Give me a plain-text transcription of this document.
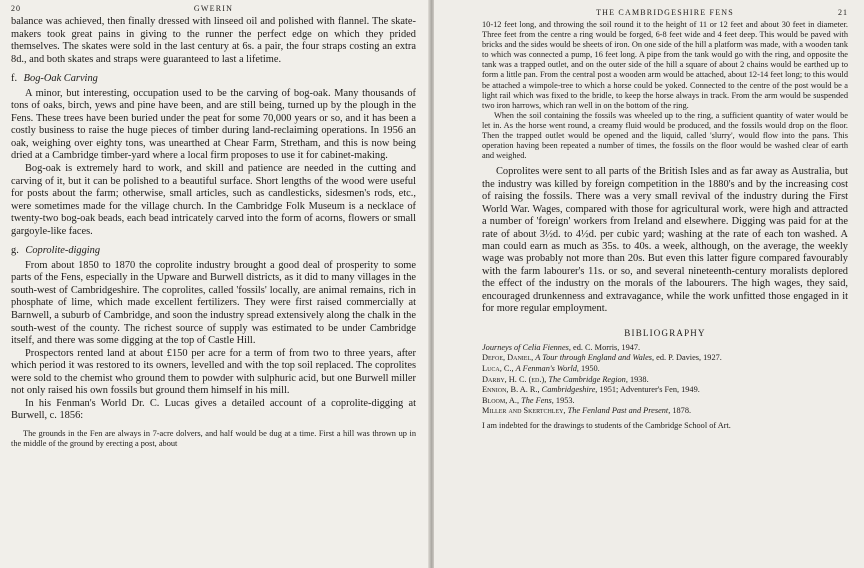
20	GWERIN

balance was achieved, then finally dressed with linseed oil and polished with flannel. The skate-makers took great pains in giving to the runner the perfect edge on which they prided themselves. The skates were sold in the last century at 6s. a pair, the four straps costing an extra 8d., and both skates and straps were guaranteed to last a lifetime.

f. Bog-Oak Carving

A minor, but interesting, occupation used to be the carving of bog-oak. Many thousands of tons of oaks, birch, yews and pine have been, and are still being, turned up by the plough in the Fens. These trees have been buried under the peat for some 70,000 years or so, and it has been a costly business to raise the huge pieces of timber during land-reclaiming operations. In 1956 an oak, weighing over eighty tons, was unearthed at Chear Farm, Stretham, and this is now being dried at a Cambridge timber-yard where a local firm proposes to use it for cabinet-making.

Bog-oak is extremely hard to work, and skill and patience are needed in the cutting and carving of it, but it can be polished to a beautiful surface. Short lengths of the wood were useful for posts about the farm; otherwise, small articles, such as candlesticks, sidesmen's rods, etc., were sometimes made for the village church. In the Cambridge Folk Museum is a necklace of twenty-two bog-oak beads, each bead intricately carved into the form of acorns, flowers or small gargoyle-like faces.

g. Coprolite-digging

From about 1850 to 1870 the coprolite industry brought a good deal of prosperity to some parts of the Fens, especially in the Upware and Burwell districts, as it did to many villages in the south-west of Cambridgeshire. The coprolites, called 'fossils' locally, are animal remains, rich in phosphate of lime, which made excellent fertilizers. They were first raised commercially at Barnwell, a suburb of Cambridge, and soon the industry spread extensively along the chalk in the south-west of the county. The richest source of supply was estimated to be under Cambridge itself, and there was some digging at the top of Castle Hill.

Prospectors rented land at about £150 per acre for a term of from two to three years, after which period it was restored to its owners, levelled and with the top soil replaced. The coprolites were sold to the chemist who ground them to powder with sulphuric acid, but one Burwell miller not only raised his own fossils but ground them himself in his mill.

In his Fenman's World Dr. C. Lucas gives a detailed account of a coprolite-digging at Burwell, c. 1856:

The grounds in the Fen are always in 7-acre dolvers, and half would be dug at a time. First a hill was thrown up in the middle of the ground by erecting a post, about

THE CAMBRIDGESHIRE FENS	21

10-12 feet long, and throwing the soil round it to the height of 11 or 12 feet and about 30 feet in diameter. Three feet from the centre a ring would be forged, 6-8 feet wide and 4 feet deep. This would be paved with bricks and the sides would be sheets of iron. On one side of the hill a platform was made, with a wooden tank to which was connected a pump, 16 feet long. A pipe from the tank would go with the ring, and opposite the tank was a trapped outlet, and on the outer side of the hill a square of about 2 chains would be earthed up to form a little pan. From the central post a wooden arm would be attached, about 12-14 feet long; to this would be attached a wimpole-tree to which a horse could be yoked. Connected to the centre of the post would be a light rail which was fixed to the bridle, to keep the horse always in track. From the arm would be suspended two iron harrows, which ran well in on the bottom of the ring.

When the soil containing the fossils was wheeled up to the ring, a sufficient quantity of water would be let in. As the horse went round, a creamy fluid would be produced, and the fossils would drop on the floor. Then the trapped outlet would be opened and the liquid, called 'slurry', would flow into the pans. This operation having been repeated a number of times, the fossils on the floor would be washed clear of earth and weighed.

Coprolites were sent to all parts of the British Isles and as far away as Australia, but the industry was killed by foreign competition in the 1880's and by the increasing cost of raising the fossils. There was a very small revival of the industry during the First World War. Wages, compared with those for agricultural work, were high and attracted a number of 'foreign' workers from Ireland and elsewhere. Digging was paid for at the rate of about 3½d. to 4½d. per cubic yard; washing at the rate of each ton washed. A man could earn as much as 35s. to 40s. a week, although, on the average, the weekly wage was probably not more than 20s. But even this latter figure compared favourably with the farm labourer's 11s. or so, and several nineteenth-century moralists deplored the effect of the industry on the morals of the labourers. The high wages, they said, encouraged drunkenness and extravagance, while the work unfitted those engaged in it for more regular employment.

BIBLIOGRAPHY
Journeys of Celia Fiennes, ed. C. Morris, 1947.
Defoe, Daniel, A Tour through England and Wales, ed. P. Davies, 1927.
Luca, C., A Fenman's World, 1950.
Darby, H. C. (ed.), The Cambridge Region, 1938.
Ennion, B. A. R., Cambridgeshire, 1951; Adventurer's Fen, 1949.
Bloom, A., The Fens, 1953.
Miller and Skertchley, The Fenland Past and Present, 1878.
I am indebted for the drawings to students of the Cambridge School of Art.
